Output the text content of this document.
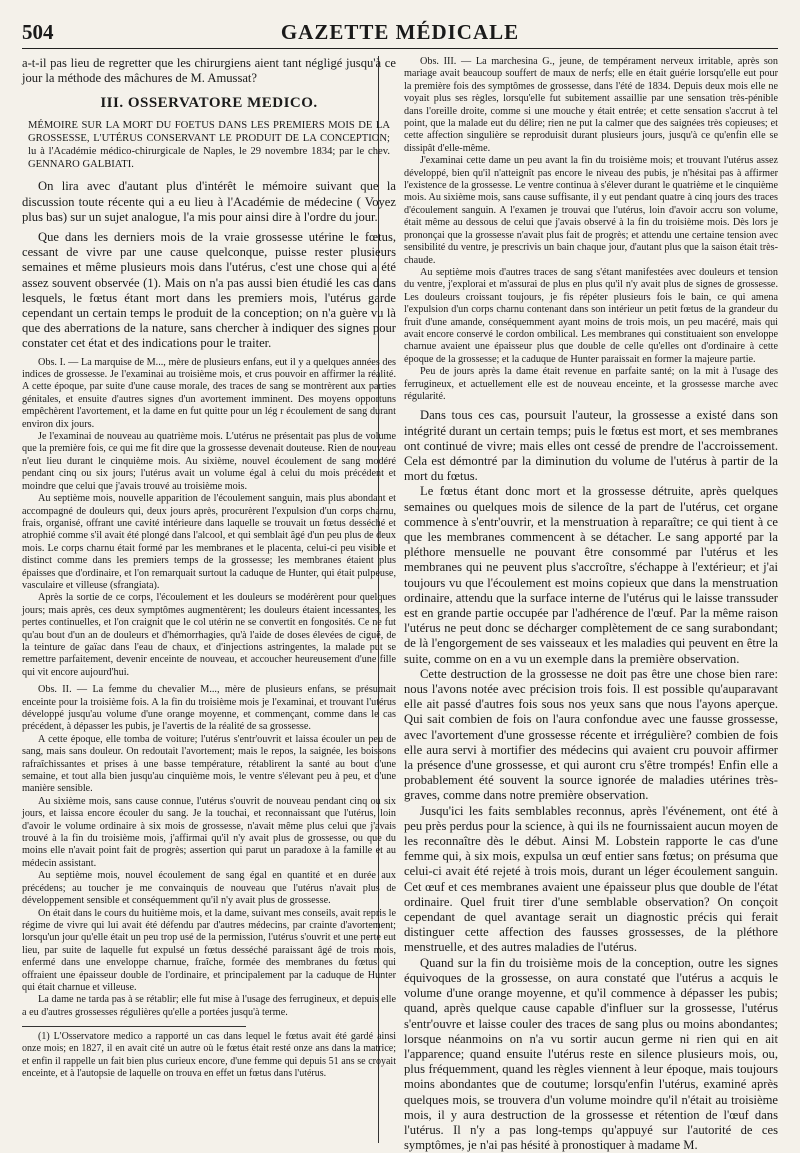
504	GAZETTE MÉDICALE

a-t-il pas lieu de regretter que les chirurgiens aient tant négligé jusqu'à ce jour la méthode des mâchures de M. Amussat?

III. OSSERVATORE MEDICO.

MÉMOIRE SUR LA MORT DU FOETUS DANS LES PREMIERS MOIS DE LA GROSSESSE, L'UTÉRUS CONSERVANT LE PRODUIT DE LA CONCEPTION; lu à l'Académie médico-chirurgicale de Naples, le 29 novembre 1834; par le chev. GENNARO GALBIATI.

On lira avec d'autant plus d'intérêt le mémoire suivant que la discussion toute récente qui a eu lieu à l'Académie de médecine ( Voyez plus bas) sur un sujet analogue, l'a mis pour ainsi dire à l'ordre du jour.

Que dans les derniers mois de la vraie grossesse utérine le fœtus, cessant de vivre par une cause quelconque, puisse rester plusieurs semaines et même plusieurs mois dans l'utérus, c'est une chose qui a été assez souvent observée (1). Mais on n'a pas aussi bien étudié les cas dans lesquels, le fœtus étant mort dans les premiers mois, l'utérus garde cependant un certain temps le produit de la conception; on n'a guère vu là que des aberrations de la nature, sans chercher à indiquer des signes pour constater cet état et des indications pour le traiter.

Obs. I. — La marquise de M..., mère de plusieurs enfans, eut il y a quelques années des indices de grossesse. Je l'examinai au troisième mois, et crus pouvoir en affirmer la réalité. A cette époque, par suite d'une cause morale, des traces de sang se montrèrent aux parties génitales, et ensuite d'autres signes d'un avortement imminent. Des moyens opportuns empêchèrent l'avortement, et la dame en fut quitte pour un lég r écoulement de sang durant environ dix jours.

Je l'examinai de nouveau au quatrième mois. L'utérus ne présentait pas plus de volume que la première fois, ce qui me fit dire que la grossesse devenait douteuse. Rien de nouveau n'eut lieu durant le cinquième mois. Au sixième, nouvel écoulement de sang modéré pendant cinq ou six jours; l'utérus avait un volume égal à celui du mois précédent et moindre que celui que j'avais trouvé au troisième mois.

Au septième mois, nouvelle apparition de l'écoulement sanguin, mais plus abondant et accompagné de douleurs qui, deux jours après, procurèrent l'expulsion d'un corps charnu, frais, organisé, offrant une cavité intérieure dans laquelle se trouvait un fœtus desséché et atrophié comme s'il avait été plongé dans l'alcool, et qui semblait âgé d'un peu plus de deux mois. Le corps charnu était formé par les membranes et le placenta, celui-ci peu visible et distinct comme dans les premiers temps de la grossesse; les membranes étaient plus épaisses que d'ordinaire, et l'on remarquait surtout la caduque de Hunter, qui était pulpeuse, vasculaire et villeuse (sfrangiata).

Après la sortie de ce corps, l'écoulement et les douleurs se modérèrent pour quelques jours; mais après, ces deux symptômes augmentèrent; les douleurs étaient incessantes, les pertes continuelles, et l'on craignit que le col utérin ne se convertit en fongosités. Ce ne fut qu'au bout d'un an de douleurs et d'hémorrhagies, qu'à l'aide de doses élevées de ciguë, de la teinture de gaïac dans l'eau de chaux, et d'injections astringentes, la malade put se remettre parfaitement, devenir enceinte de nouveau, et accoucher heureusement d'une fille qui vit encore aujourd'hui.

Obs. II. — La femme du chevalier M..., mère de plusieurs enfans, se présumait enceinte pour la troisième fois. A la fin du troisième mois je l'examinai, et trouvant l'utérus développé jusqu'au volume d'une orange moyenne, et commençant, comme dans le cas précédent, à dépasser les pubis, je l'avertis de la réalité de sa grossesse.

A cette époque, elle tomba de voiture; l'utérus s'entr'ouvrit et laissa écouler un peu de sang, mais sans douleur. On redoutait l'avortement; mais le repos, la saignée, les boissons rafraîchissantes et prises à une basse température, rétablirent la santé au bout d'une semaine, et tout alla bien jusqu'au cinquième mois, le ventre s'élevant peu à peu, et d'une manière sensible.

Au sixième mois, sans cause connue, l'utérus s'ouvrit de nouveau pendant cinq ou six jours, et laissa encore écouler du sang. Je la touchai, et reconnaissant que l'utérus, loin d'avoir le volume ordinaire à six mois de grossesse, n'avait même plus celui que j'avais trouvé à la fin du troisième mois, j'affirmai qu'il n'y avait plus de grossesse, ou que du moins elle n'avait point fait de progrès; assertion qui parut un paradoxe à la famille et au médecin assistant.

Au septième mois, nouvel écoulement de sang égal en quantité et en durée aux précédens; au toucher je me convainquis de nouveau que l'utérus n'avait plus de développement sensible et conséquemment qu'il n'y avait plus de grossesse.

On était dans le cours du huitième mois, et la dame, suivant mes conseils, avait repris le régime de vivre qui lui avait été défendu par d'autres médecins, par crainte d'avortement; lorsqu'un jour qu'elle était un peu trop usé de la permission, l'utérus s'ouvrit et une perte eut lieu, par suite de laquelle fut expulsé un fœtus desséché paraissant âgé de trois mois, enfermé dans une enveloppe charnue, fraîche, formée des membranes du fœtus qui offraient une épaisseur double de l'ordinaire, et principalement par la caduque de Hunter qui était charnue et villeuse.

La dame ne tarda pas à se rétablir; elle fut mise à l'usage des ferrugineux, et depuis elle a eu d'autres grossesses régulières qu'elle a portées jusqu'à terme.

(1) L'Osservatore medico a rapporté un cas dans lequel le fœtus avait été gardé ainsi onze mois; en 1827, il en avait cité un autre où le fœtus était resté onze ans dans la matrice; et enfin il rappelle un fait bien plus curieux encore, d'une femme qui depuis 51 ans se croyait enceinte, et à l'autopsie de laquelle on trouva en effet un fœtus dans l'utérus.

Obs. III. — La marchesina G., jeune, de tempérament nerveux irritable, après son mariage avait beaucoup souffert de maux de nerfs; elle en était guérie lorsqu'elle eut pour la première fois des symptômes de grossesse, dans l'été de 1834. Depuis deux mois elle ne voyait plus ses règles, lorsqu'elle fut subitement assaillie par une sensation très-pénible dans l'oreille droite, comme si une mouche y était entrée; et cette sensation s'accrut à tel point, que la malade eut du délire; rien ne put la calmer que des saignées très copieuses; et cette affection singulière se reproduisit durant plusieurs jours, jusqu'à ce qu'enfin elle se dissipât d'elle-même.

J'examinai cette dame un peu avant la fin du troisième mois; et trouvant l'utérus assez développé, bien qu'il n'atteignît pas encore le niveau des pubis, je n'hésitai pas à affirmer l'existence de la grossesse. Le ventre continua à s'élever durant le quatrième et le cinquième mois. Au sixième mois, sans cause suffisante, il y eut pendant quatre à cinq jours des traces d'écoulement sanguin. A l'examen je trouvai que l'utérus, loin d'avoir accru son volume, était même au dessous de celui que j'avais observé à la fin du troisième mois. Dès lors je prononçai que la grossesse n'avait plus fait de progrès; et attendu une certaine tension avec sensibilité du ventre, je prescrivis un bain chaque jour, d'autant plus que la saison était très-chaude.

Au septième mois d'autres traces de sang s'étant manifestées avec douleurs et tension du ventre, j'explorai et m'assurai de plus en plus qu'il n'y avait plus de signes de grossesse. Les douleurs croissant toujours, je fis répéter plusieurs fois le bain, ce qui amena l'expulsion d'un corps charnu contenant dans son intérieur un petit fœtus de la grandeur du fruit d'une amande, conséquemment ayant moins de trois mois, un peu macéré, mais qui avait encore conservé le cordon ombilical. Les membranes qui constituaient son enveloppe charnue avaient une épaisseur plus que double de celle qu'elles ont d'ordinaire à cette époque de la grossesse; et la caduque de Hunter paraissait en former la majeure partie.

Peu de jours après la dame était revenue en parfaite santé; on la mit à l'usage des ferrugineux, et actuellement elle est de nouveau enceinte, et la grossesse marche avec régularité.

Dans tous ces cas, poursuit l'auteur, la grossesse a existé dans son intégrité durant un certain temps; puis le fœtus est mort, et ses membranes ont continué de vivre; mais elles ont cessé de prendre de l'accroissement. Cela est démontré par la diminution du volume de l'utérus à partir de la mort du fœtus.

Le fœtus étant donc mort et la grossesse détruite, après quelques semaines ou quelques mois de silence de la part de l'utérus, cet organe commence à s'entr'ouvrir, et la menstruation à reparaître; ce qui tient à ce que les membranes commencent à se détacher. Le sang apporté par la pléthore mensuelle ne pouvant être consommé par l'utérus et les membranes qui ne peuvent plus s'accroître, s'échappe à l'extérieur; et j'ai toujours vu que l'écoulement est moins copieux que dans la menstruation ordinaire, attendu que la surface interne de l'utérus qui le laisse transsuder est en grande partie occupée par l'adhérence de l'œuf. Par la même raison l'utérus ne peut donc se décharger complètement de ce sang surabondant; de là l'engorgement de ses vaisseaux et les maladies qui peuvent en être la suite, comme on en a vu un exemple dans la première observation.

Cette destruction de la grossesse ne doit pas être une chose bien rare: nous l'avons notée avec précision trois fois. Il est possible qu'auparavant elle ait passé d'autres fois sous nos yeux sans que nous l'ayons aperçue. Qui sait combien de fois on l'aura confondue avec une fausse grossesse, avec l'avortement d'une grossesse récente et irrégulière? combien de fois elle aura servi à mortifier des médecins qui avaient cru pouvoir affirmer la présence d'une grossesse, et qui auront cru s'être trompés! Enfin elle a probablement été souvent la source ignorée de maladies utérines très-graves, comme dans notre première observation.

Jusqu'ici les faits semblables reconnus, après l'événement, ont été à peu près perdus pour la science, à qui ils ne fournissaient aucun moyen de les reconnaître dès le début. Ainsi M. Lobstein rapporte le cas d'une femme qui, à six mois, expulsa un œuf entier sans fœtus; on présuma que celui-ci avait été rejeté à trois mois, durant un léger écoulement sanguin. Cet œuf et ces membranes avaient une épaisseur plus que double de l'état ordinaire. Quel fruit tirer d'une semblable observation? On conçoit cependant de quel avantage serait un diagnostic précis qui ferait distinguer cette affection des fausses grossesses, de la pléthore menstruelle, et des autres maladies de l'utérus.

Quand sur la fin du troisième mois de la conception, outre les signes équivoques de la grossesse, on aura constaté que l'utérus a acquis le volume d'une orange moyenne, et qu'il commence à dépasser les pubis; quand, après quelque cause capable d'influer sur la grossesse, l'utérus s'entr'ouvre et laisse couler des traces de sang plus ou moins abondantes; lorsque néanmoins on n'a vu sortir aucun germe ni rien qui en ait l'apparence; quand ensuite l'utérus reste en silence plusieurs mois, ou, plus fréquemment, quand les règles viennent à leur époque, mais toujours moins abondantes que de coutume; lorsqu'enfin l'utérus, examiné après quelques mois, se trouvera d'un volume moindre qu'il n'était au troisième mois, il y aura destruction de la grossesse et rétention de l'œuf dans l'utérus. Il n'y a pas long-temps qu'appuyé sur l'autorité de ces symptômes, je n'ai pas hésité à pronostiquer à madame M.
